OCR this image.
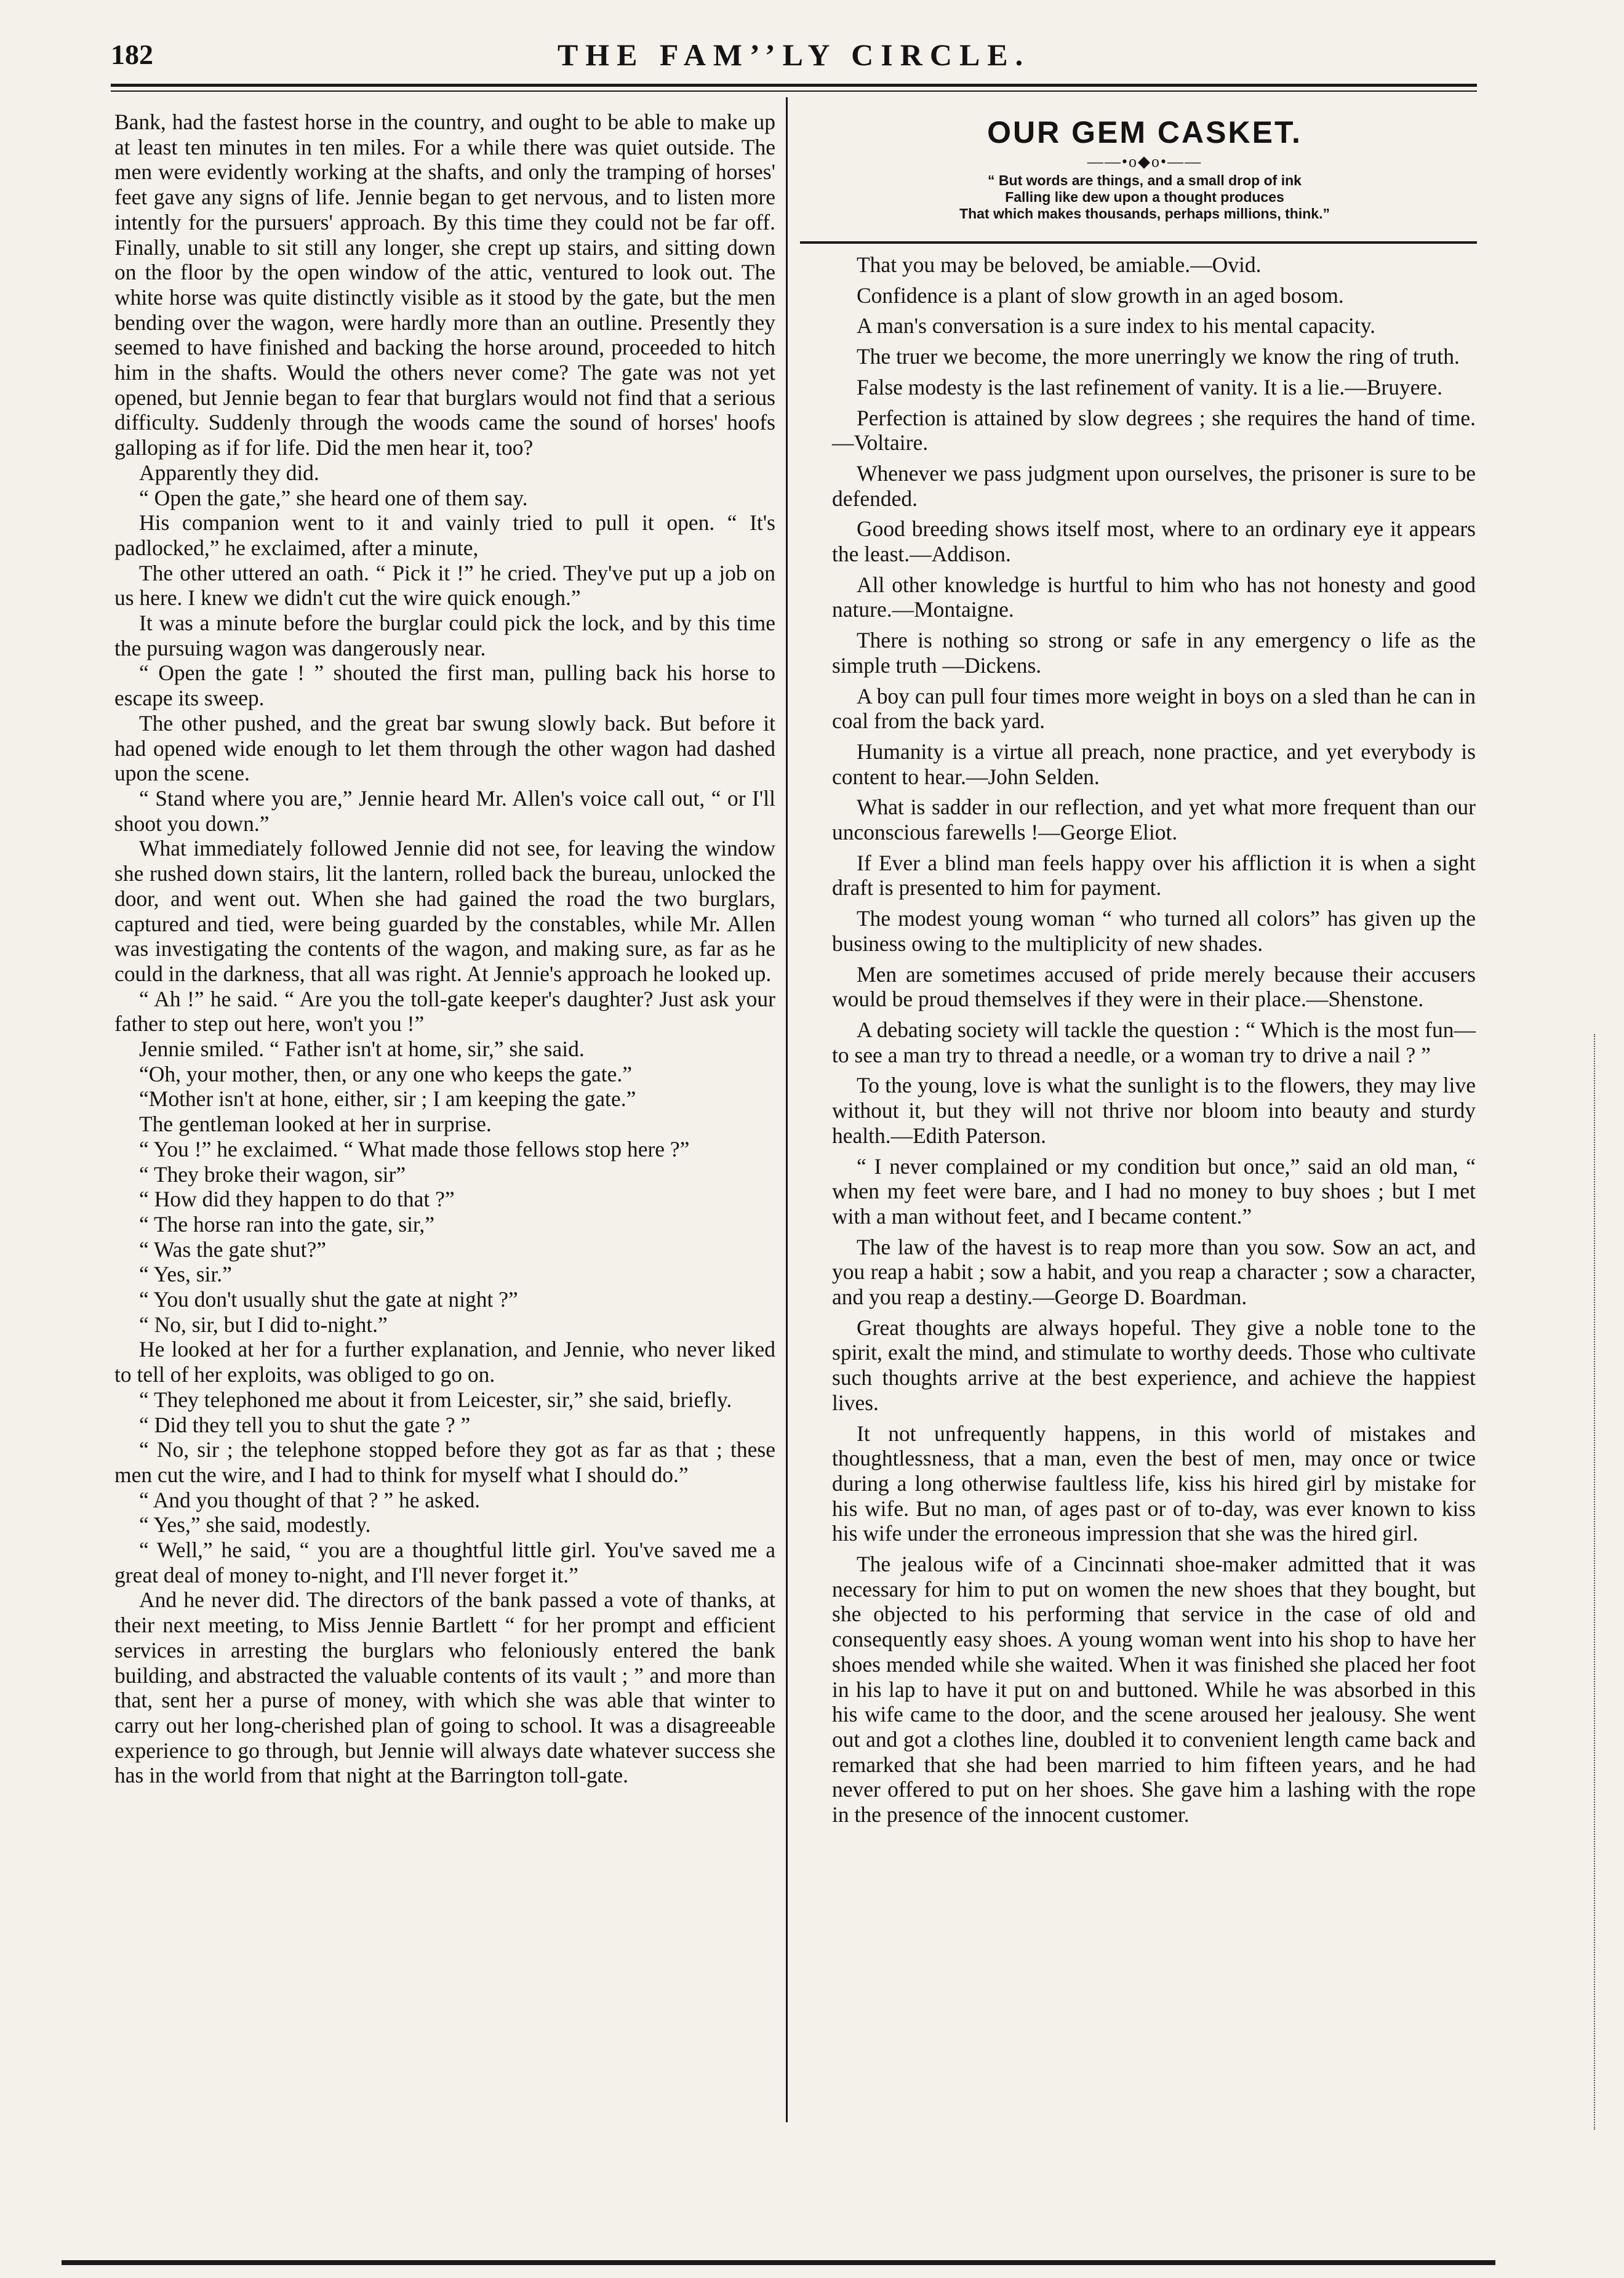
182	THE FAM’’LY CIRCLE.

Bank, had the fastest horse in the country, and ought to be able to make up at least ten minutes in ten miles. For a while there was quiet outside. The men were evidently working at the shafts, and only the tramping of horses' feet gave any signs of life. Jennie began to get nervous, and to listen more intently for the pursuers' approach. By this time they could not be far off. Finally, unable to sit still any longer, she crept up stairs, and sitting down on the floor by the open window of the attic, ventured to look out. The white horse was quite distinctly visible as it stood by the gate, but the men bending over the wagon, were hardly more than an outline. Presently they seemed to have finished and backing the horse around, proceeded to hitch him in the shafts. Would the others never come? The gate was not yet opened, but Jennie began to fear that burglars would not find that a serious difficulty. Suddenly through the woods came the sound of horses' hoofs galloping as if for life. Did the men hear it, too?

Apparently they did.

“ Open the gate,” she heard one of them say.

His companion went to it and vainly tried to pull it open. “ It's padlocked,” he exclaimed, after a minute,

The other uttered an oath. “ Pick it !” he cried. They've put up a job on us here. I knew we didn't cut the wire quick enough.”

It was a minute before the burglar could pick the lock, and by this time the pursuing wagon was dangerously near.

“ Open the gate ! ” shouted the first man, pulling back his horse to escape its sweep.

The other pushed, and the great bar swung slowly back. But before it had opened wide enough to let them through the other wagon had dashed upon the scene.

“ Stand where you are,” Jennie heard Mr. Allen's voice call out, “ or I'll shoot you down.”

What immediately followed Jennie did not see, for leaving the window she rushed down stairs, lit the lantern, rolled back the bureau, unlocked the door, and went out. When she had gained the road the two burglars, captured and tied, were being guarded by the constables, while Mr. Allen was investigating the contents of the wagon, and making sure, as far as he could in the darkness, that all was right. At Jennie's approach he looked up.

“ Ah !” he said. “ Are you the toll-gate keeper's daughter? Just ask your father to step out here, won't you !”

Jennie smiled. “ Father isn't at home, sir,” she said.

“Oh, your mother, then, or any one who keeps the gate.”

“Mother isn't at hone, either, sir ; I am keeping the gate.”

The gentleman looked at her in surprise.

“ You !” he exclaimed. “ What made those fellows stop here ?”

“ They broke their wagon, sir”

“ How did they happen to do that ?”

“ The horse ran into the gate, sir,”

“ Was the gate shut?”

“ Yes, sir.”

“ You don't usually shut the gate at night ?”

“ No, sir, but I did to-night.”

He looked at her for a further explanation, and Jennie, who never liked to tell of her exploits, was obliged to go on.

“ They telephoned me about it from Leicester, sir,” she said, briefly.

“ Did they tell you to shut the gate ? ”

“ No, sir ; the telephone stopped before they got as far as that ; these men cut the wire, and I had to think for myself what I should do.”

“ And you thought of that ? ” he asked.

“ Yes,” she said, modestly.

“ Well,” he said, “ you are a thoughtful little girl. You've saved me a great deal of money to-night, and I'll never forget it.”

And he never did. The directors of the bank passed a vote of thanks, at their next meeting, to Miss Jennie Bartlett “ for her prompt and efficient services in arresting the burglars who feloniously entered the bank building, and abstracted the valuable contents of its vault ; ” and more than that, sent her a purse of money, with which she was able that winter to carry out her long-cherished plan of going to school. It was a disagreeable experience to go through, but Jennie will always date whatever success she has in the world from that night at the Barrington toll-gate.

OUR GEM CASKET.
——•o◆o•——
“ But words are things, and a small drop of ink
Falling like dew upon a thought produces
That which makes thousands, perhaps millions, think.”

That you may be beloved, be amiable.—Ovid.

Confidence is a plant of slow growth in an aged bosom.

A man's conversation is a sure index to his mental capacity.

The truer we become, the more unerringly we know the ring of truth.

False modesty is the last refinement of vanity. It is a lie.—Bruyere.

Perfection is attained by slow degrees ; she requires the hand of time.—Voltaire.

Whenever we pass judgment upon ourselves, the prisoner is sure to be defended.

Good breeding shows itself most, where to an ordinary eye it appears the least.—Addison.

All other knowledge is hurtful to him who has not honesty and good nature.—Montaigne.

There is nothing so strong or safe in any emergency o life as the simple truth —Dickens.

A boy can pull four times more weight in boys on a sled than he can in coal from the back yard.

Humanity is a virtue all preach, none practice, and yet everybody is content to hear.—John Selden.

What is sadder in our reflection, and yet what more frequent than our unconscious farewells !—George Eliot.

If Ever a blind man feels happy over his affliction it is when a sight draft is presented to him for payment.

The modest young woman “ who turned all colors” has given up the business owing to the multiplicity of new shades.

Men are sometimes accused of pride merely because their accusers would be proud themselves if they were in their place.—Shenstone.

A debating society will tackle the question : “ Which is the most fun—to see a man try to thread a needle, or a woman try to drive a nail ? ”

To the young, love is what the sunlight is to the flowers, they may live without it, but they will not thrive nor bloom into beauty and sturdy health.—Edith Paterson.

“ I never complained or my condition but once,” said an old man, “ when my feet were bare, and I had no money to buy shoes ; but I met with a man without feet, and I became content.”

The law of the havest is to reap more than you sow. Sow an act, and you reap a habit ; sow a habit, and you reap a character ; sow a character, and you reap a destiny.—George D. Boardman.

Great thoughts are always hopeful. They give a noble tone to the spirit, exalt the mind, and stimulate to worthy deeds. Those who cultivate such thoughts arrive at the best experience, and achieve the happiest lives.

It not unfrequently happens, in this world of mistakes and thoughtlessness, that a man, even the best of men, may once or twice during a long otherwise faultless life, kiss his hired girl by mistake for his wife. But no man, of ages past or of to-day, was ever known to kiss his wife under the erroneous impression that she was the hired girl.

The jealous wife of a Cincinnati shoe-maker admitted that it was necessary for him to put on women the new shoes that they bought, but she objected to his performing that service in the case of old and consequently easy shoes. A young woman went into his shop to have her shoes mended while she waited. When it was finished she placed her foot in his lap to have it put on and buttoned. While he was absorbed in this his wife came to the door, and the scene aroused her jealousy. She went out and got a clothes line, doubled it to convenient length came back and remarked that she had been married to him fifteen years, and he had never offered to put on her shoes. She gave him a lashing with the rope in the presence of the innocent customer.
